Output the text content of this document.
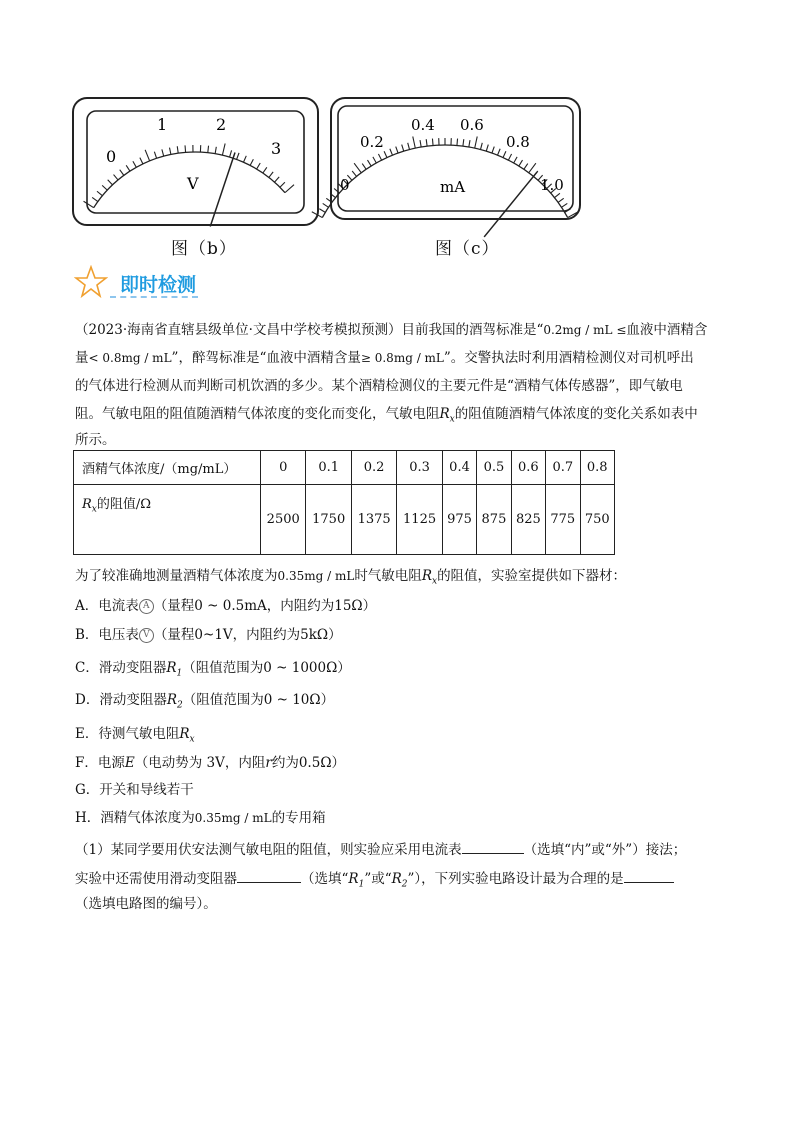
0
1	2
3
V	0
0.2
0.4 0.6
0.8
1.0
mA
图（b）	图（c）
即时检测
（2023·海南省直辖县级单位·文昌中学校考模拟预测）目前我国的酒驾标准是“0.2mg / mL ≤血液中酒精含
量< 0.8mg / mL”，醉驾标准是“血液中酒精含量≥ 0.8mg / mL”。交警执法时利用酒精检测仪对司机呼出
的气体进行检测从而判断司机饮酒的多少。某个酒精检测仪的主要元件是“酒精气体传感器”，即气敏电
阻。气敏电阻的阻值随酒精气体浓度的变化而变化，气敏电阻$R_x$的阻值随酒精气体浓度的变化关系如表中
所示。
酒精气体浓度/（mg/mL）	0	0.1	0.2	0.3	0.4	0.5	0.6	0.7	0.8
$R_x$的阻值/Ω	2500	1750	1375	1125	975	875	825	775	750
为了较准确地测量酒精气体浓度为0.35mg / mL时气敏电阻$R_x$的阻值，实验室提供如下器材：
A．电流表 A （量程0 ~ 0.5mA，内阻约为15Ω）
B．电压表 V （量程0~1V，内阻约为5kΩ）
C．滑动变阻器$R_1$（阻值范围为0 ~ 1000Ω）
D．滑动变阻器$R_2$（阻值范围为0 ~ 10Ω）
E．待测气敏电阻$R_x$
F．电源E（电动势为 3V，内阻r约为0.5Ω）
G．开关和导线若干
H．酒精气体浓度为0.35mg / mL的专用箱
（1）某同学要用伏安法测气敏电阻的阻值，则实验应采用电流表	（选填“内”或“外”）接法；
实验中还需使用滑动变阻器	（选填“$R_1$”或“$R_2$”），下列实验电路设计最为合理的是
（选填电路图的编号）。
